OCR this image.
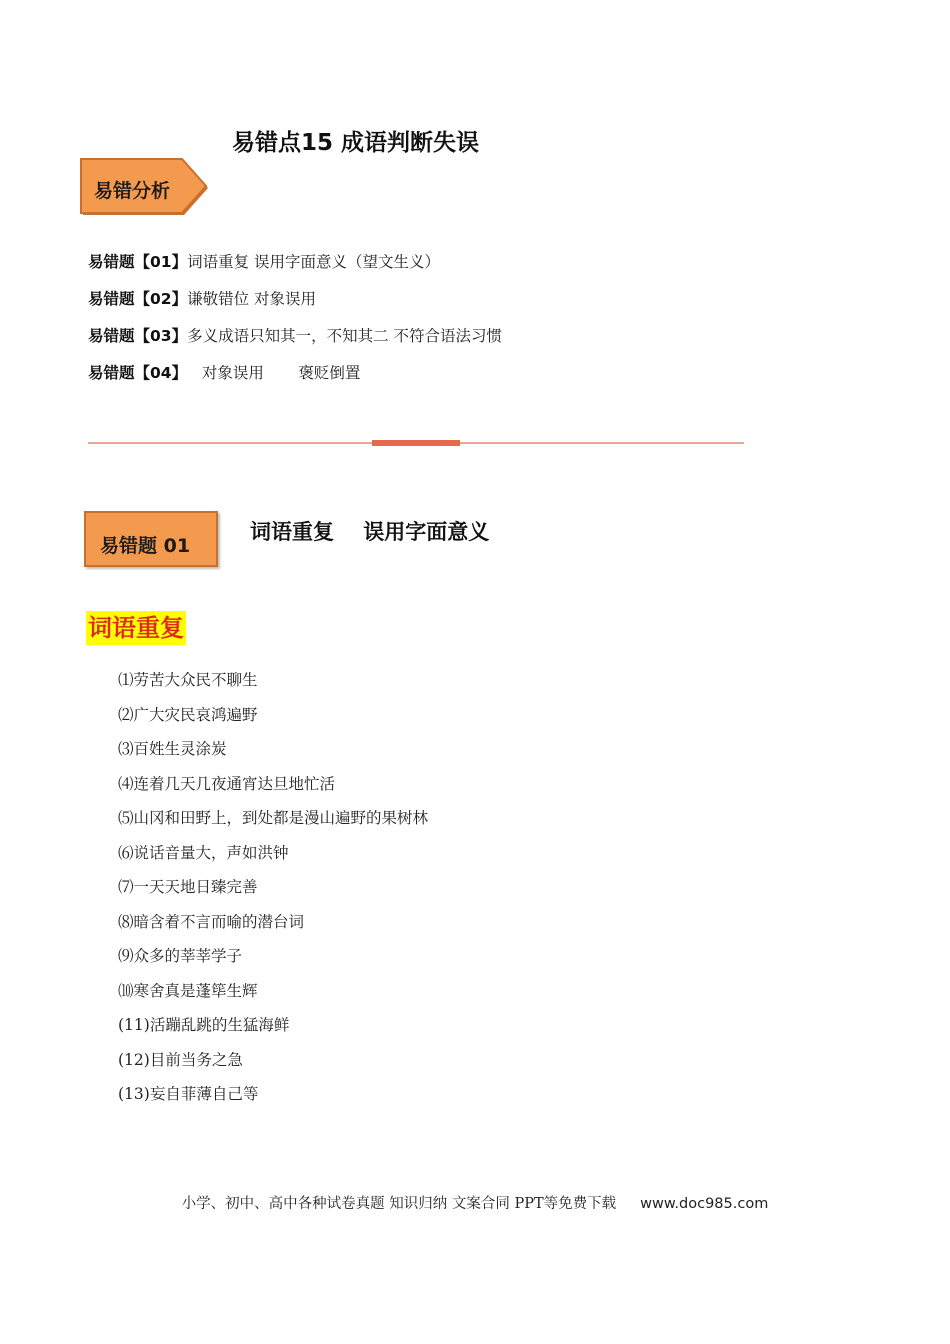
易错点15 成语判断失误
易错分析
易错题【01】词语重复 误用字面意义（望文生义）
易错题【02】谦敬错位 对象误用
易错题【03】多义成语只知其一，不知其二 不符合语法习惯
易错题【04】   对象误用       褒贬倒置
易错题 01
词语重复    误用字面意义
词语重复
⑴劳苦大众民不聊生
⑵广大灾民哀鸿遍野
⑶百姓生灵涂炭
⑷连着几天几夜通宵达旦地忙活
⑸山冈和田野上，到处都是漫山遍野的果树林
⑹说话音量大，声如洪钟
⑺一天天地日臻完善
⑻暗含着不言而喻的潜台词
⑼众多的莘莘学子
⑽寒舍真是蓬筚生辉
(11)活蹦乱跳的生猛海鲜
(12)目前当务之急
(13)妄自菲薄自己等
小学、初中、高中各种试卷真题 知识归纳 文案合同 PPT等免费下载 www.doc985.com
